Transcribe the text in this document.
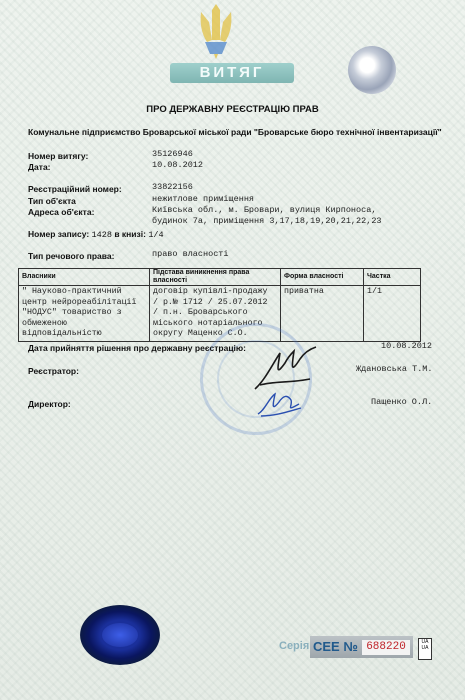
ВИТЯГ
ПРО ДЕРЖАВНУ РЕЄСТРАЦІЮ ПРАВ
Комунальне підприємство Броварської міської ради "Броварське бюро технічної інвентаризації"
Номер витягу:	35126946
Дата:	10.08.2012
Реєстраційний номер:	33822156
Тип об'єкта	нежитлове приміщення
Адреса об'єкта:	Київська обл., м. Бровари, вулиця Кирпоноса,
будинок 7а, приміщення 3,17,18,19,20,21,22,23
Номер запису: 1428 в книзі: 1/4
Тип речового права:	право власності
Власники	Підстава виникнення права власності	Форма власності	Частка
" Науково-практичний
центр нейрореабілітації
"НОДУС" товариство з
обмеженою
відповідальністю	договір купівлі-продажу
/ р.№ 1712 / 25.07.2012
/ п.н. Броварського
міського нотаріального
округу Маценко С.О.	приватна	1/1
Дата прийняття рішення про державну реєстрацію:	10.08.2012
Реєстратор:	Ждановська Т.М.
Директор:	Пащенко О.Л.
Серія CEE № 688220	UA UA
